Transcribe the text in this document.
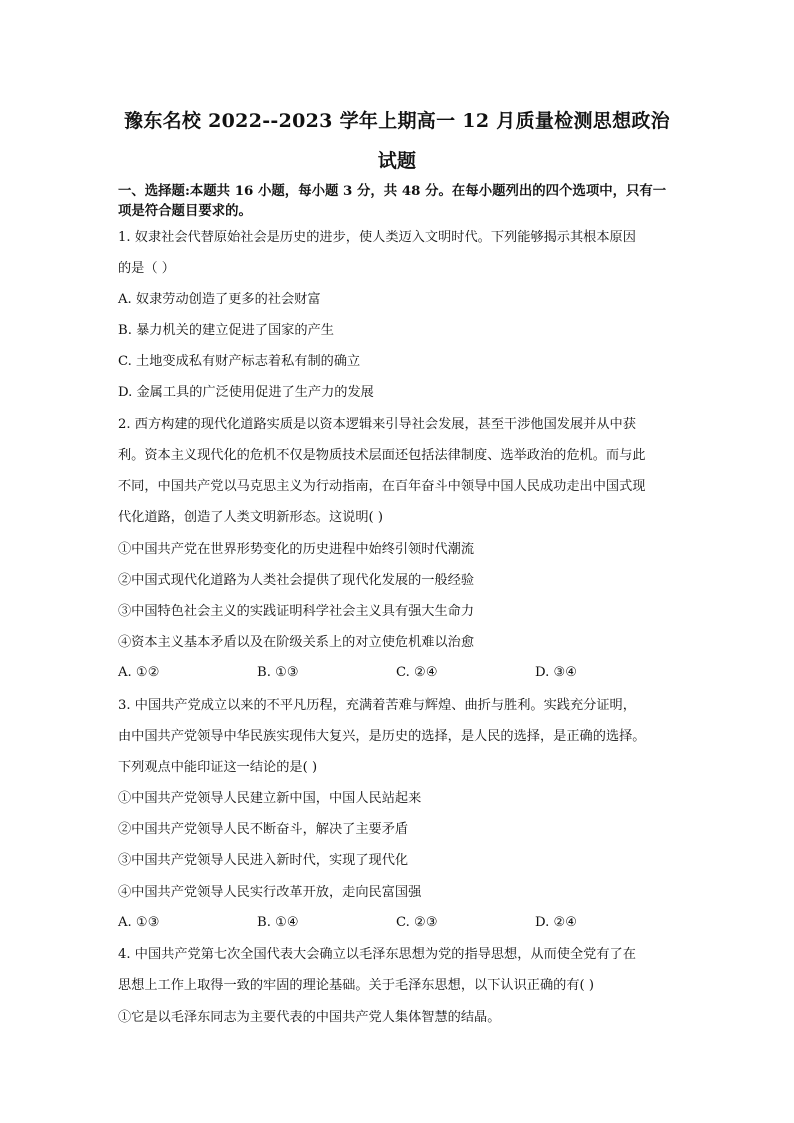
豫东名校 2022--2023 学年上期高一 12 月质量检测思想政治
试题
一、选择题:本题共 16 小题，每小题 3 分，共 48 分。在每小题列出的四个选项中，只有一
项是符合题目要求的。
1. 奴隶社会代替原始社会是历史的进步，使人类迈入文明时代。下列能够揭示其根本原因
的是（ ）
A. 奴隶劳动创造了更多的社会财富
B. 暴力机关的建立促进了国家的产生
C. 土地变成私有财产标志着私有制的确立
D. 金属工具的广泛使用促进了生产力的发展
2. 西方构建的现代化道路实质是以资本逻辑来引导社会发展，甚至干涉他国发展并从中获
利。资本主义现代化的危机不仅是物质技术层面还包括法律制度、选举政治的危机。而与此
不同，中国共产党以马克思主义为行动指南，在百年奋斗中领导中国人民成功走出中国式现
代化道路，创造了人类文明新形态。这说明( )
①中国共产党在世界形势变化的历史进程中始终引领时代潮流
②中国式现代化道路为人类社会提供了现代化发展的一般经验
③中国特色社会主义的实践证明科学社会主义具有强大生命力
④资本主义基本矛盾以及在阶级关系上的对立使危机难以治愈
A. ①②	B. ①③	C. ②④	D. ③④
3. 中国共产党成立以来的不平凡历程，充满着苦难与辉煌、曲折与胜利。实践充分证明，
由中国共产党领导中华民族实现伟大复兴，是历史的选择，是人民的选择，是正确的选择。
下列观点中能印证这一结论的是( )
①中国共产党领导人民建立新中国，中国人民站起来
②中国共产党领导人民不断奋斗，解决了主要矛盾
③中国共产党领导人民进入新时代，实现了现代化
④中国共产党领导人民实行改革开放，走向民富国强
A. ①③	B. ①④	C. ②③	D. ②④
4. 中国共产党第七次全国代表大会确立以毛泽东思想为党的指导思想，从而使全党有了在
思想上工作上取得一致的牢固的理论基础。关于毛泽东思想，以下认识正确的有( )
①它是以毛泽东同志为主要代表的中国共产党人集体智慧的结晶。
